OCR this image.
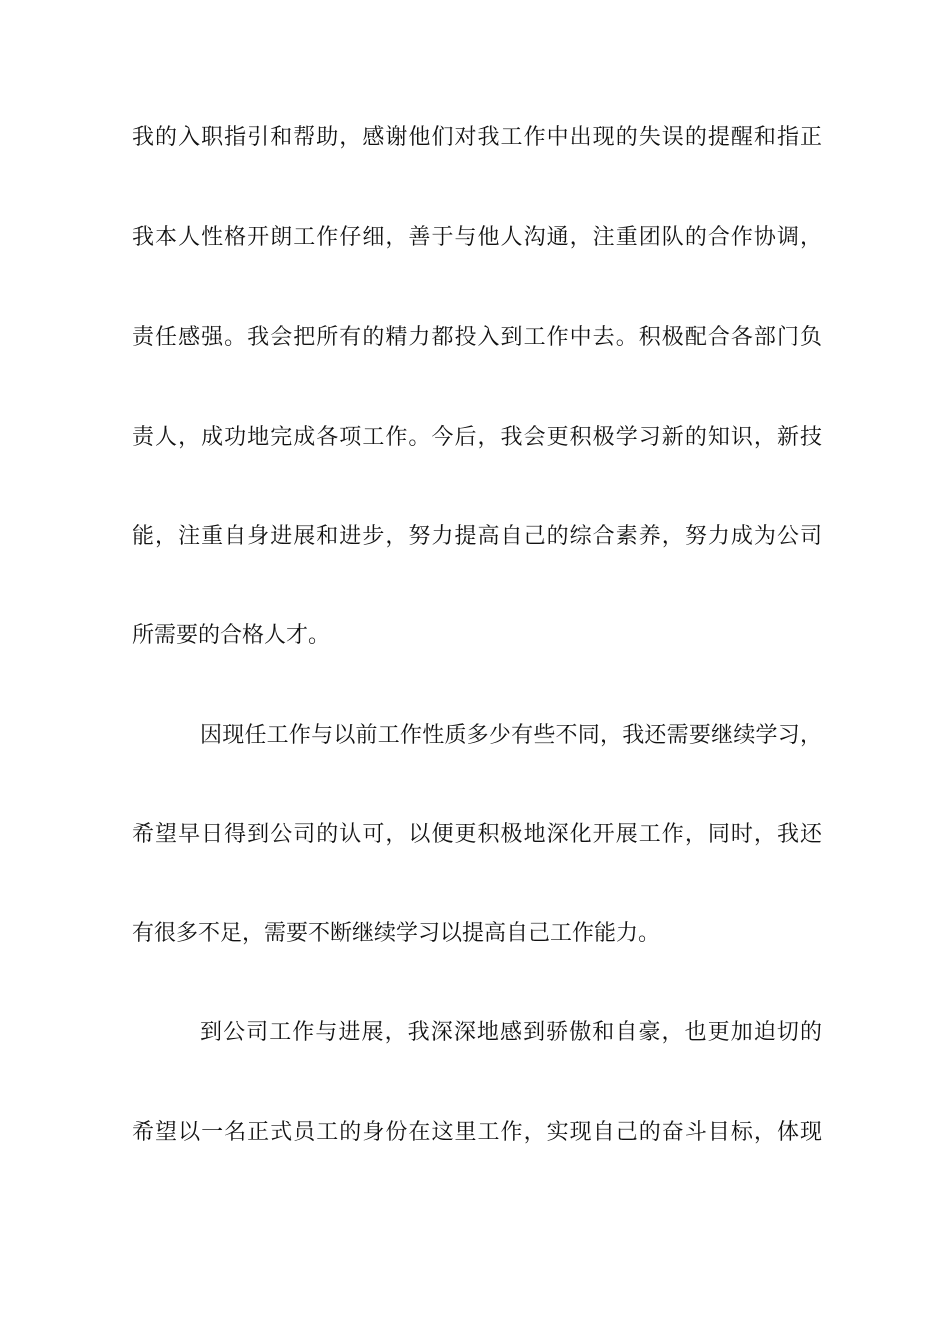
我的入职指引和帮助，感谢他们对我工作中出现的失误的提醒和指正
我本人性格开朗工作仔细，善于与他人沟通，注重团队的合作协调，
责任感强。我会把所有的精力都投入到工作中去。积极配合各部门负
责人，成功地完成各项工作。今后，我会更积极学习新的知识，新技
能，注重自身进展和进步，努力提高自己的综合素养，努力成为公司
所需要的合格人才。
因现任工作与以前工作性质多少有些不同，我还需要继续学习，
希望早日得到公司的认可，以便更积极地深化开展工作，同时，我还
有很多不足，需要不断继续学习以提高自己工作能力。
到公司工作与进展，我深深地感到骄傲和自豪，也更加迫切的
希望以一名正式员工的身份在这里工作，实现自己的奋斗目标，体现
